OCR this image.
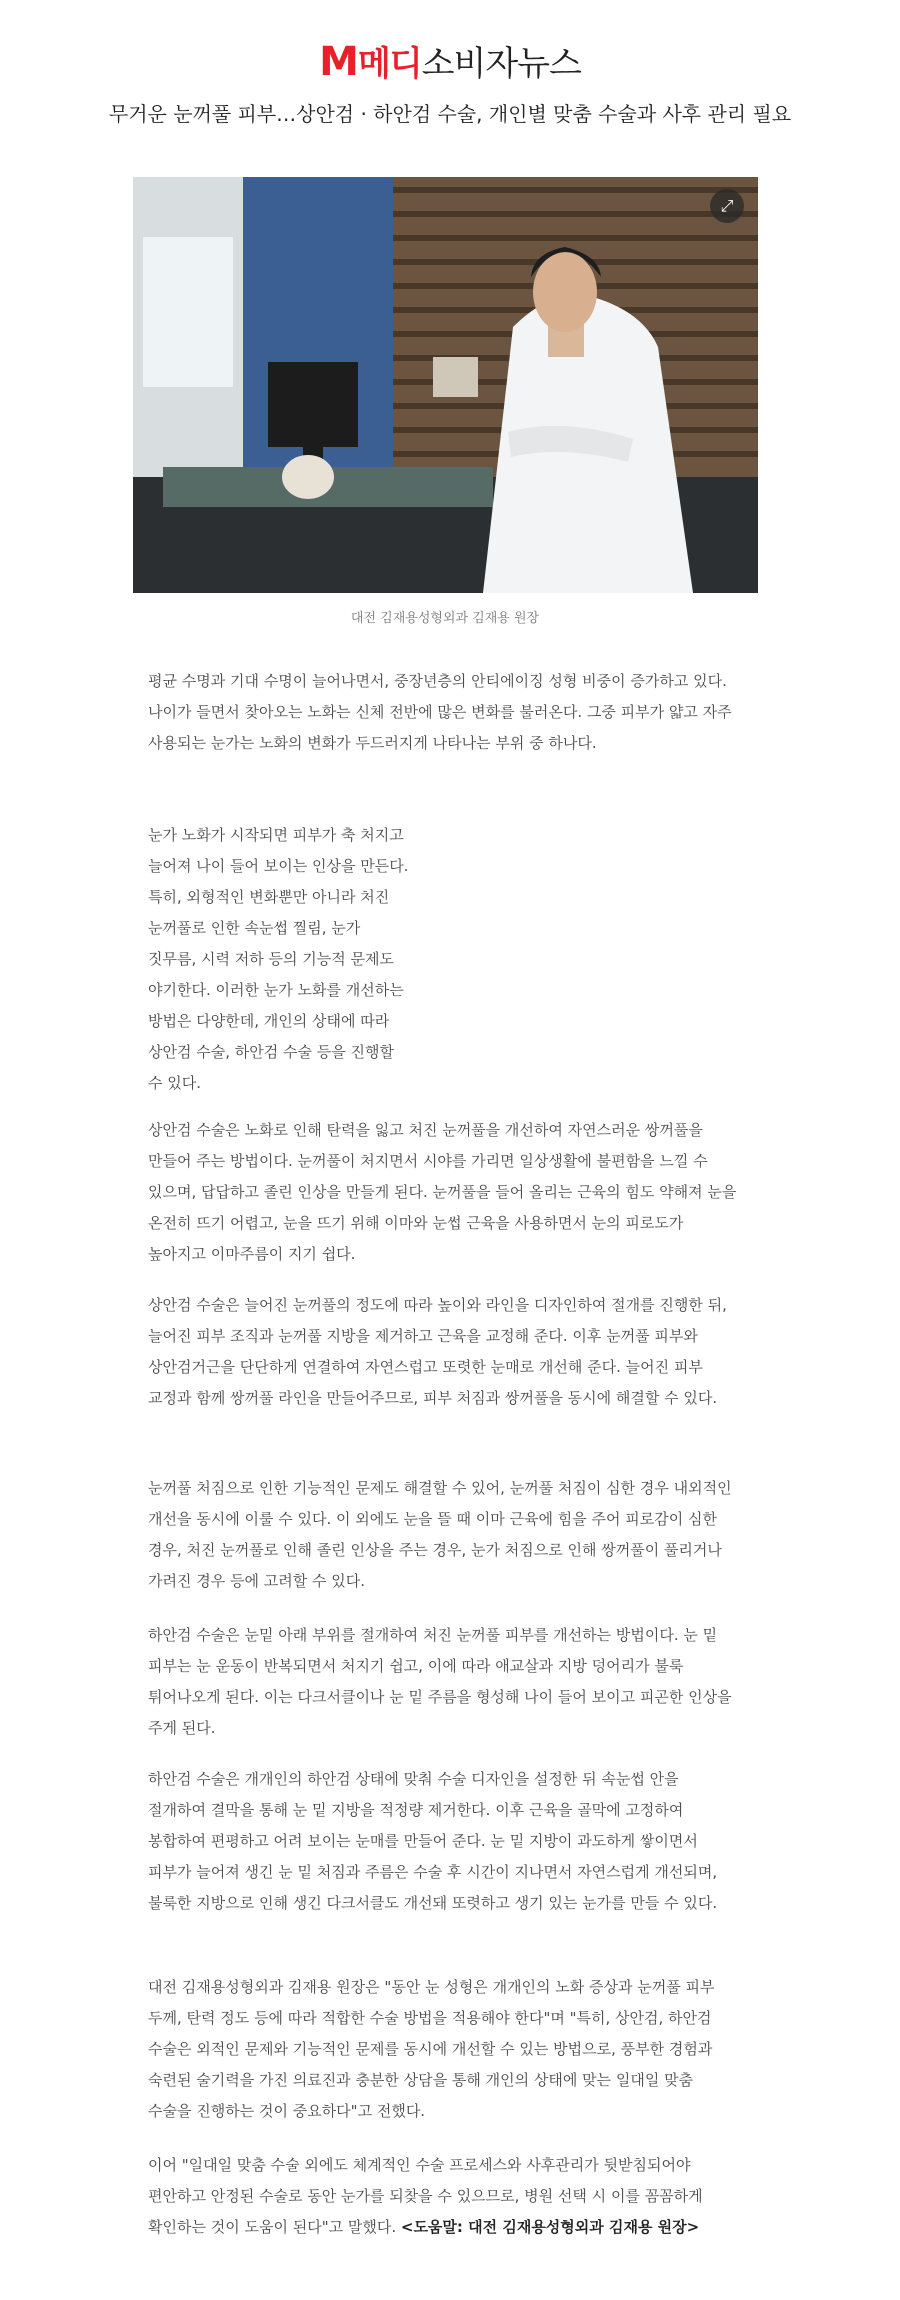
M메디소비자뉴스
무거운 눈꺼풀 피부…상안검 · 하안검 수술, 개인별 맞춤 수술과 사후 관리 필요
⤢
대전 김재용성형외과 김재용 원장

평균 수명과 기대 수명이 늘어나면서, 중장년층의 안티에이징 성형 비중이 증가하고 있다. 나이가 들면서 찾아오는 노화는 신체 전반에 많은 변화를 불러온다. 그중 피부가 얇고 자주 사용되는 눈가는 노화의 변화가 두드러지게 나타나는 부위 중 하나다.

눈가 노화가 시작되면 피부가 축 처지고 늘어져 나이 들어 보이는 인상을 만든다. 특히, 외형적인 변화뿐만 아니라 처진 눈꺼풀로 인한 속눈썹 찔림, 눈가 짓무름, 시력 저하 등의 기능적 문제도 야기한다. 이러한 눈가 노화를 개선하는 방법은 다양한데, 개인의 상태에 따라 상안검 수술, 하안검 수술 등을 진행할 수 있다.

상안검 수술은 노화로 인해 탄력을 잃고 처진 눈꺼풀을 개선하여 자연스러운 쌍꺼풀을 만들어 주는 방법이다. 눈꺼풀이 처지면서 시야를 가리면 일상생활에 불편함을 느낄 수 있으며, 답답하고 졸린 인상을 만들게 된다. 눈꺼풀을 들어 올리는 근육의 힘도 약해져 눈을 온전히 뜨기 어렵고, 눈을 뜨기 위해 이마와 눈썹 근육을 사용하면서 눈의 피로도가 높아지고 이마주름이 지기 쉽다.

상안검 수술은 늘어진 눈꺼풀의 정도에 따라 높이와 라인을 디자인하여 절개를 진행한 뒤, 늘어진 피부 조직과 눈꺼풀 지방을 제거하고 근육을 교정해 준다. 이후 눈꺼풀 피부와 상안검거근을 단단하게 연결하여 자연스럽고 또렷한 눈매로 개선해 준다. 늘어진 피부 교정과 함께 쌍꺼풀 라인을 만들어주므로, 피부 처짐과 쌍꺼풀을 동시에 해결할 수 있다.

눈꺼풀 처짐으로 인한 기능적인 문제도 해결할 수 있어, 눈꺼풀 처짐이 심한 경우 내외적인 개선을 동시에 이룰 수 있다. 이 외에도 눈을 뜰 때 이마 근육에 힘을 주어 피로감이 심한 경우, 처진 눈꺼풀로 인해 졸린 인상을 주는 경우, 눈가 처짐으로 인해 쌍꺼풀이 풀리거나 가려진 경우 등에 고려할 수 있다.

하안검 수술은 눈밑 아래 부위를 절개하여 처진 눈꺼풀 피부를 개선하는 방법이다. 눈 밑 피부는 눈 운동이 반복되면서 처지기 쉽고, 이에 따라 애교살과 지방 덩어리가 불룩 튀어나오게 된다. 이는 다크서클이나 눈 밑 주름을 형성해 나이 들어 보이고 피곤한 인상을 주게 된다.

하안검 수술은 개개인의 하안검 상태에 맞춰 수술 디자인을 설정한 뒤 속눈썹 안을 절개하여 결막을 통해 눈 밑 지방을 적정량 제거한다. 이후 근육을 골막에 고정하여 봉합하여 편평하고 어려 보이는 눈매를 만들어 준다. 눈 밑 지방이 과도하게 쌓이면서 피부가 늘어져 생긴 눈 밑 처짐과 주름은 수술 후 시간이 지나면서 자연스럽게 개선되며, 불룩한 지방으로 인해 생긴 다크서클도 개선돼 또렷하고 생기 있는 눈가를 만들 수 있다.

대전 김재용성형외과 김재용 원장은 "동안 눈 성형은 개개인의 노화 증상과 눈꺼풀 피부 두께, 탄력 정도 등에 따라 적합한 수술 방법을 적용해야 한다"며 "특히, 상안검, 하안검 수술은 외적인 문제와 기능적인 문제를 동시에 개선할 수 있는 방법으로, 풍부한 경험과 숙련된 술기력을 가진 의료진과 충분한 상담을 통해 개인의 상태에 맞는 일대일 맞춤 수술을 진행하는 것이 중요하다"고 전했다.

이어 "일대일 맞춤 수술 외에도 체계적인 수술 프로세스와 사후관리가 뒷받침되어야 편안하고 안정된 수술로 동안 눈가를 되찾을 수 있으므로, 병원 선택 시 이를 꼼꼼하게 확인하는 것이 도움이 된다"고 말했다. <도움말: 대전 김재용성형외과 김재용 원장>
